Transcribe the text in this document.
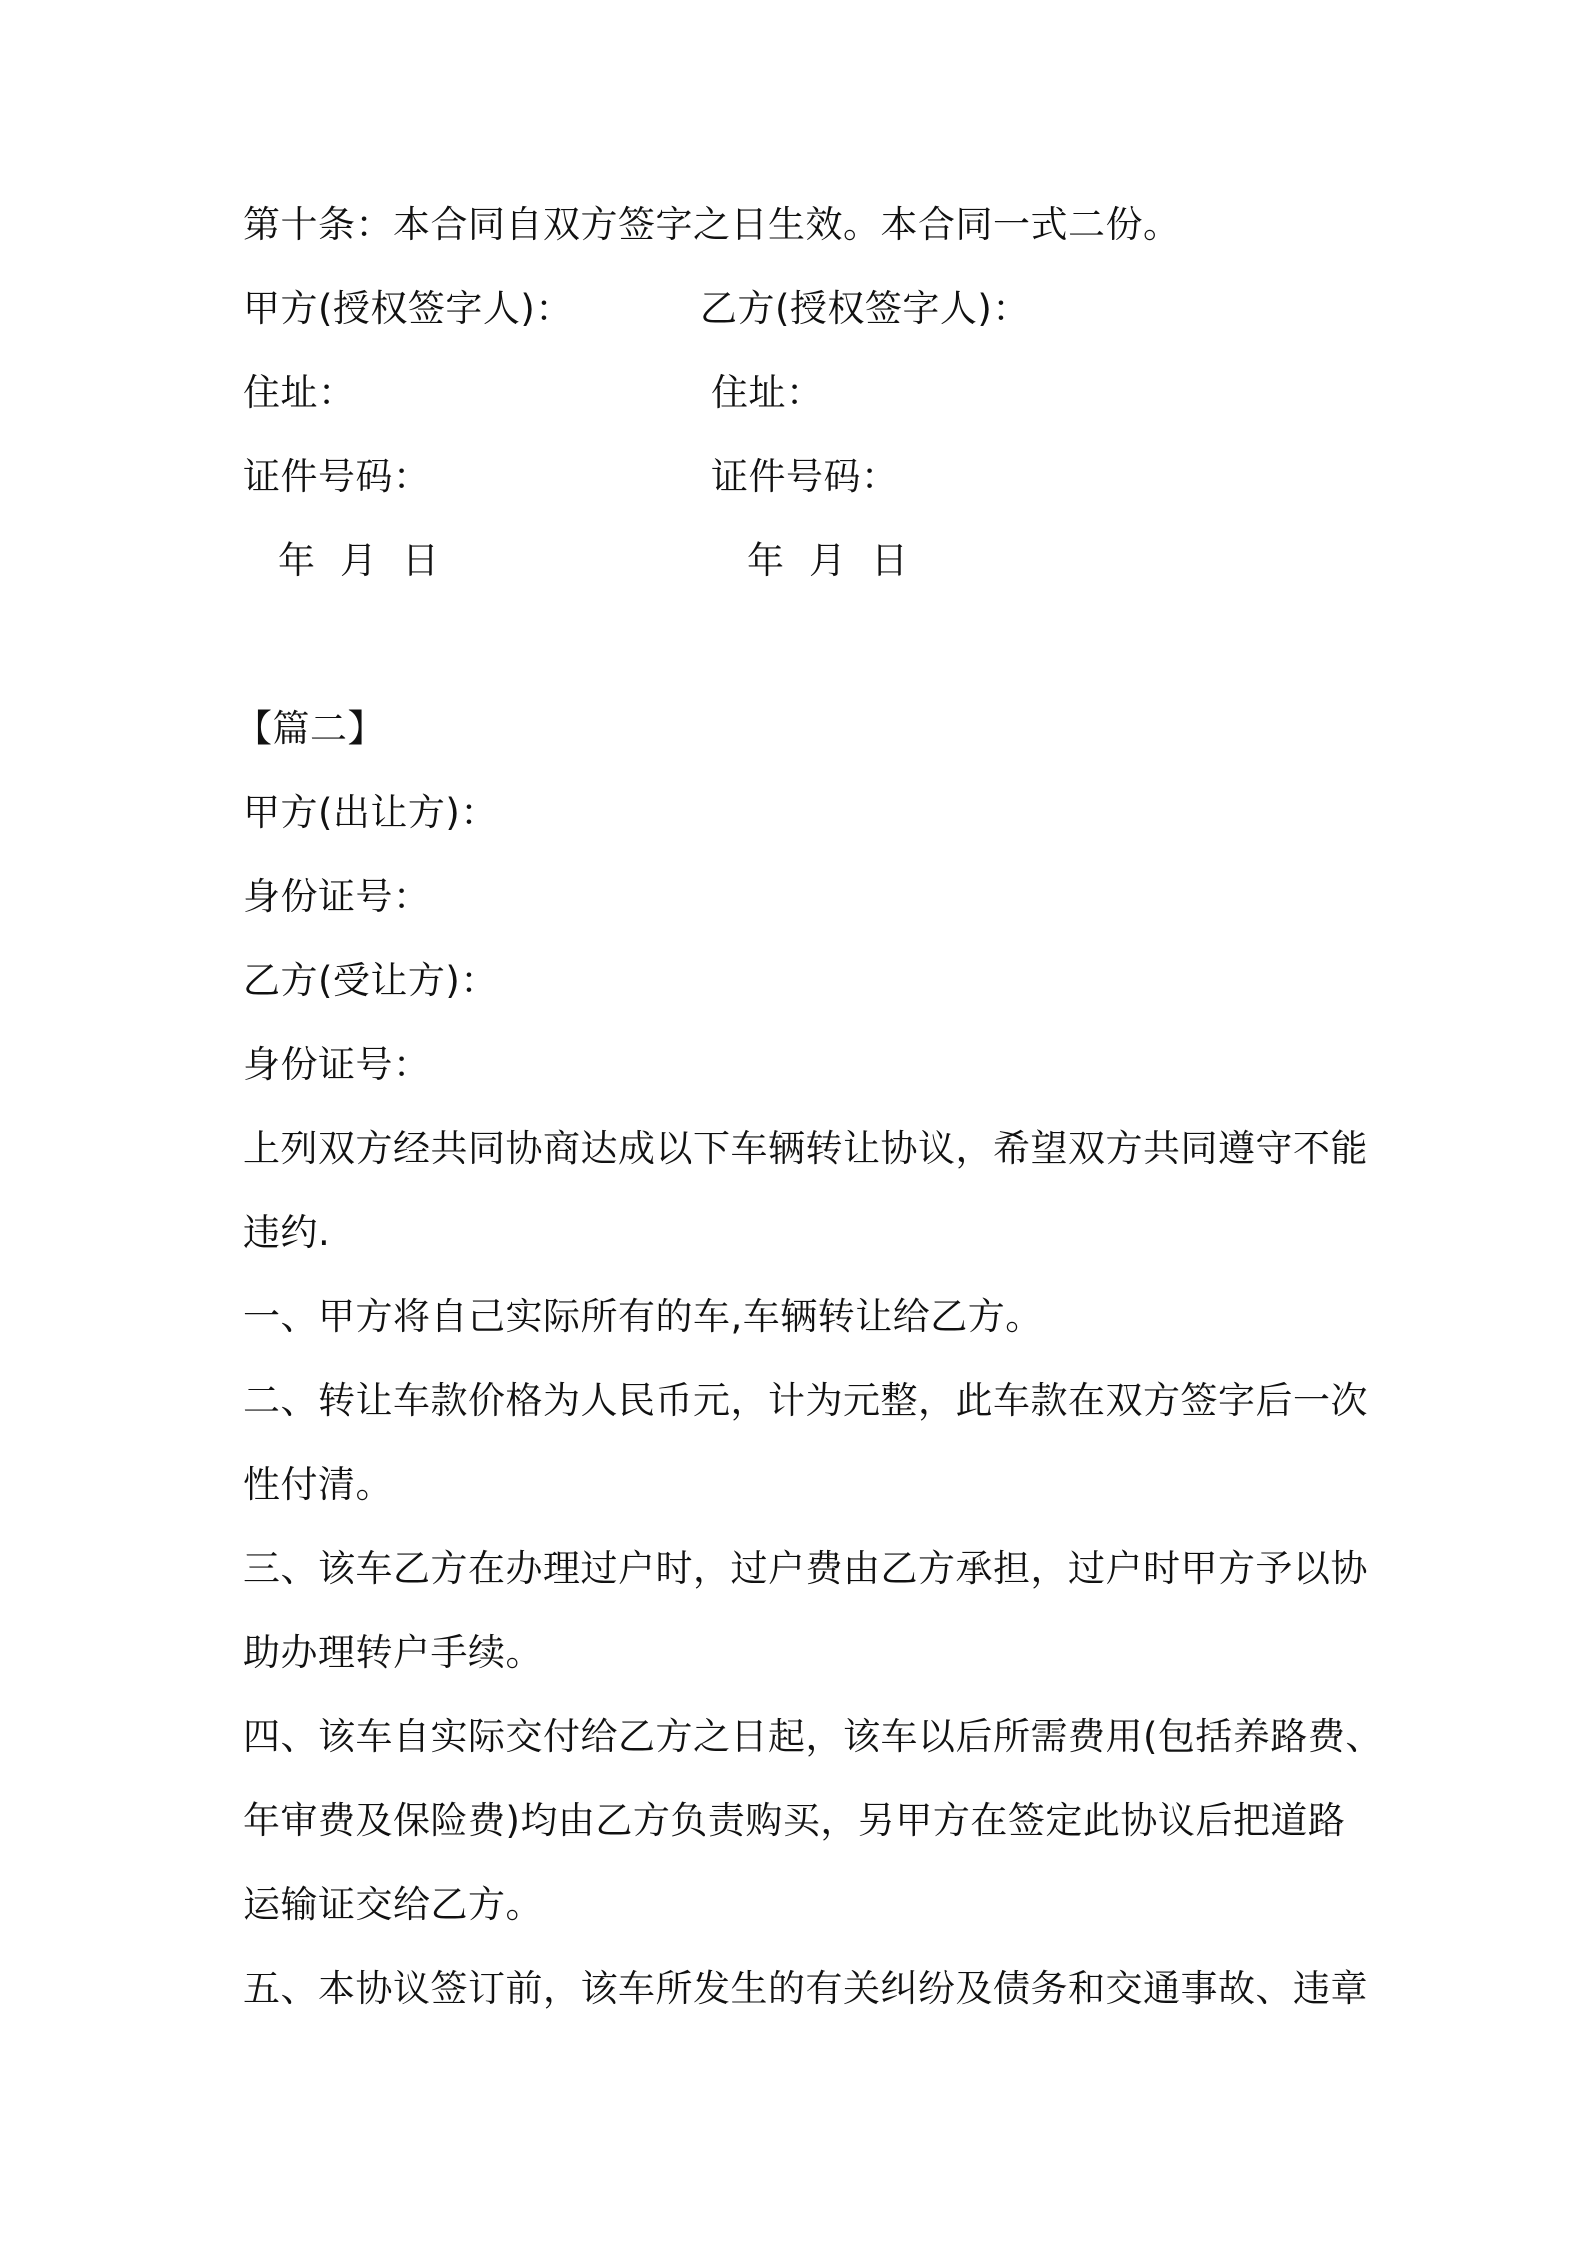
第十条：本合同自双方签字之日生效。本合同一式二份。
甲方(授权签字人)：	乙方(授权签字人)：
住址：	住址：
证件号码：	证件号码：
年  月  日	年  月  日
【篇二】
甲方(出让方)：
身份证号：
乙方(受让方)：
身份证号：
上列双方经共同协商达成以下车辆转让协议，希望双方共同遵守不能
违约.
一、甲方将自己实际所有的车,车辆转让给乙方。
二、转让车款价格为人民币元，计为元整，此车款在双方签字后一次
性付清。
三、该车乙方在办理过户时，过户费由乙方承担，过户时甲方予以协
助办理转户手续。
四、该车自实际交付给乙方之日起，该车以后所需费用(包括养路费、
年审费及保险费)均由乙方负责购买，另甲方在签定此协议后把道路
运输证交给乙方。
五、本协议签订前，该车所发生的有关纠纷及债务和交通事故、违章
